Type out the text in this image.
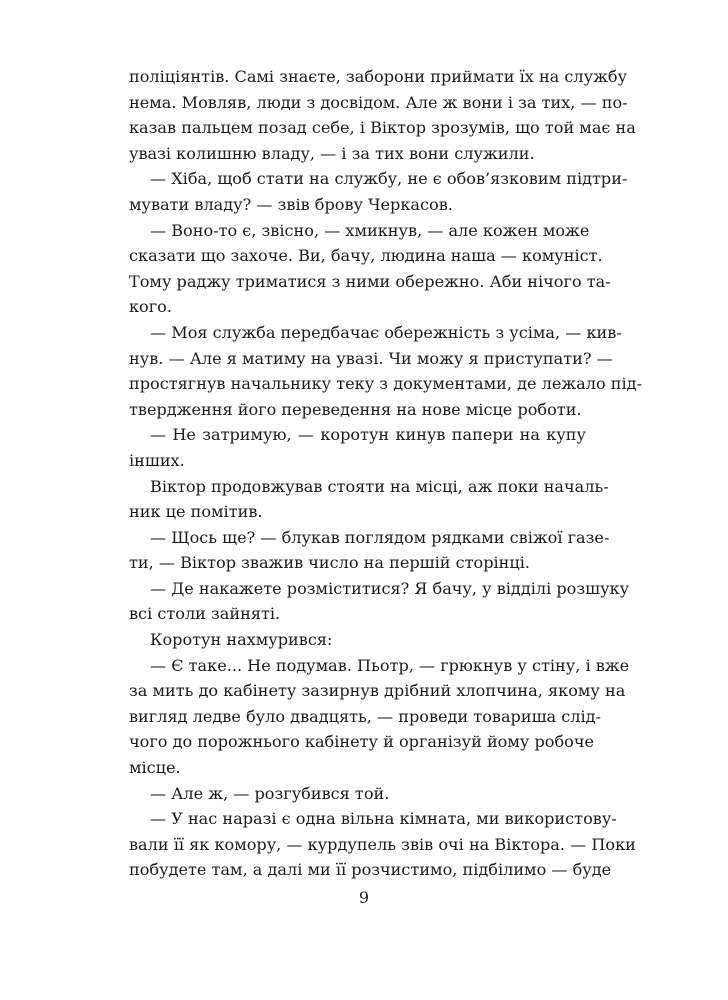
поліціянтів. Самі знаєте, заборони приймати їх на службу
нема. Мовляв, люди з досвідом. Але ж вони і за тих, — по-
казав пальцем позад себе, і Віктор зрозумів, що той має на
увазі колишню владу, — і за тих вони служили.
— Хіба, щоб стати на службу, не є обов’язковим підтри-
мувати владу? — звів брову Черкасов.
— Воно-то є, звісно, — хмикнув, — але кожен може
сказати що захоче. Ви, бачу, людина наша — комуніст.
Тому раджу триматися з ними обережно. Аби нічого та-
кого.
— Моя служба передбачає обережність з усіма, — кив-
нув. — Але я матиму на увазі. Чи можу я приступати? —
простягнув начальнику теку з документами, де лежало під-
твердження його переведення на нове місце роботи.
— Не затримую, — коротун кинув папери на купу
інших.
Віктор продовжував стояти на місці, аж поки началь-
ник це помітив.
— Щось ще? — блукав поглядом рядками свіжої газе-
ти, — Віктор зважив число на першій сторінці.
— Де накажете розміститися? Я бачу, у відділі розшуку
всі столи зайняті.
Коротун нахмурився:
— Є таке... Не подумав. Пьотр, — грюкнув у стіну, і вже
за мить до кабінету зазирнув дрібний хлопчина, якому на
вигляд ледве було двадцять, — проведи товариша слід-
чого до порожнього кабінету й організуй йому робоче
місце.
— Але ж, — розгубився той.
— У нас наразі є одна вільна кімната, ми використову-
вали її як комору, — курдупель звів очі на Віктора. — Поки
побудете там, а далі ми її розчистимо, підбілимо — буде
9
